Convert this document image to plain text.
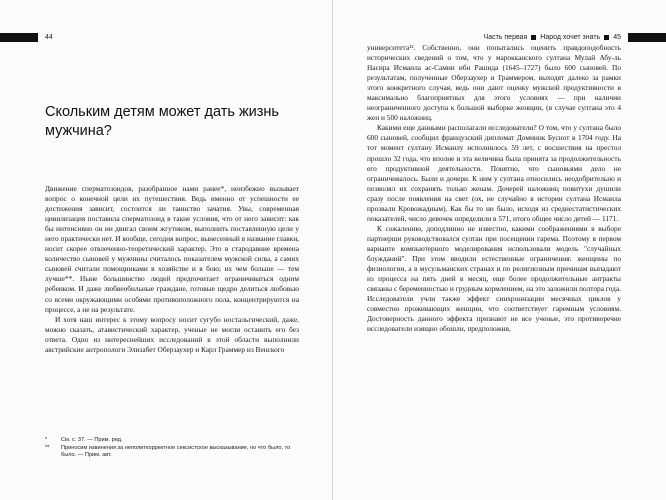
44
Скольким детям может дать жизнь мужчина?

Движение сперматозоидов, разобранное нами ранее*, неизбежно вызывает вопрос о конечной цели их путешествия. Ведь именно от успешности ее достижения зависит, состоится ли таинство зачатия. Увы, современная цивилизация поставила сперматозоид в такие условия, что от него зависит: как бы интенсивно он ни двигал своим жгутиком, выполнить поставленную цели у него практически нет. И вообще, сегодня вопрос, вынесенный в название главки, носит скорее отвлеченно-теоретический характер. Это в стародавние времена количество сыновей у мужчины считалось показателем мужской силы, а самих сыновей считали помощниками в хозяйстве и в бою; их чем больше — тем лучше**. Ныне большинство людей предпочитает ограничиваться одним ребенком. И даже любвеобильные граждане, готовые щедро делиться любовью со всеми окружающими особями противоположного пола, концентрируются на процессе, а не на результате.

И хотя наш интерес к этому вопросу носит сугубо ностальгический, даже, можно сказать, атавистический характер, ученые не могли оставить его без ответа. Одно из интереснейших исследований в этой области выполнили австрийские антропологи Элизабет Оберзаухер и Карл Граммер из Венского

*	См. с. 37. — Прим. ред.
**	Приносим извинения за неполиткорректное сексистское высказывание, но что было, то было. — Прим. авт.
Часть первая Народ хочет знать 45

университета¹². Собственно, они попытались оценить правдоподобность исторических сведений о том, что у марокканского султана Мулай Абу-ль Насира Исмаила ас-Самин ибн Рашида (1645–1727) было 600 сыновей. По результатам, полученные Оберзаухер и Граммером, выходят далеко за рамки этого конкретного случая, ведь они дают оценку мужской продуктивности в максимально благоприятных для этого условиях — при наличии неограниченного доступа к большой выборке женщин, (в случае султана это 4 жен и 500 наложниц.

Какими еще данными располагали исследователи? О том, что у султана было 600 сыновей, сообщил французский дипломат Доминик Буснот в 1704 году. На тот момент султану Исмаилу исполнилось 59 лет, с восшествия на престол прошло 32 года, что вполне и эта величина была принята за продолжительность его продуктивной деятельности. Понятно, что сыновьями дело не ограничивалось. Были и дочери. К ним у султана относились неодобрительно и позволял их сохранять только женам. Дочерей наложниц повитухи душили сразу после появления на свет (ох, не случайно в истории султана Исмаила прозвали Кровожадным). Как бы то ни было, исходя из среднестатистических показателей, число девочек определили в 571, итого общее число детей — 1171.

К сожалению, доподлинно не известно, какими соображениями в выборе партнерши руководствовался султан при посещении гарема. Поэтому в первом варианте компьютерного моделирования использовали модель "случайных блужданий". При этом вводили естественные ограничения: женщины по физиологии, а в мусульманских странах и по религиозным причинам выпадают из процесса на пять дней в месяц, еще более продолжительные антракты связаны с беременностью и грудным кормлением, на это заложили полтора года. Исследователи учли также эффект синхронизации месячных циклов у совместно проживающих женщин, что соответствует гаремным условиям. Достоверность данного эффекта признают не все ученые, это противоречие исследователи изящно обошли, предположив,
